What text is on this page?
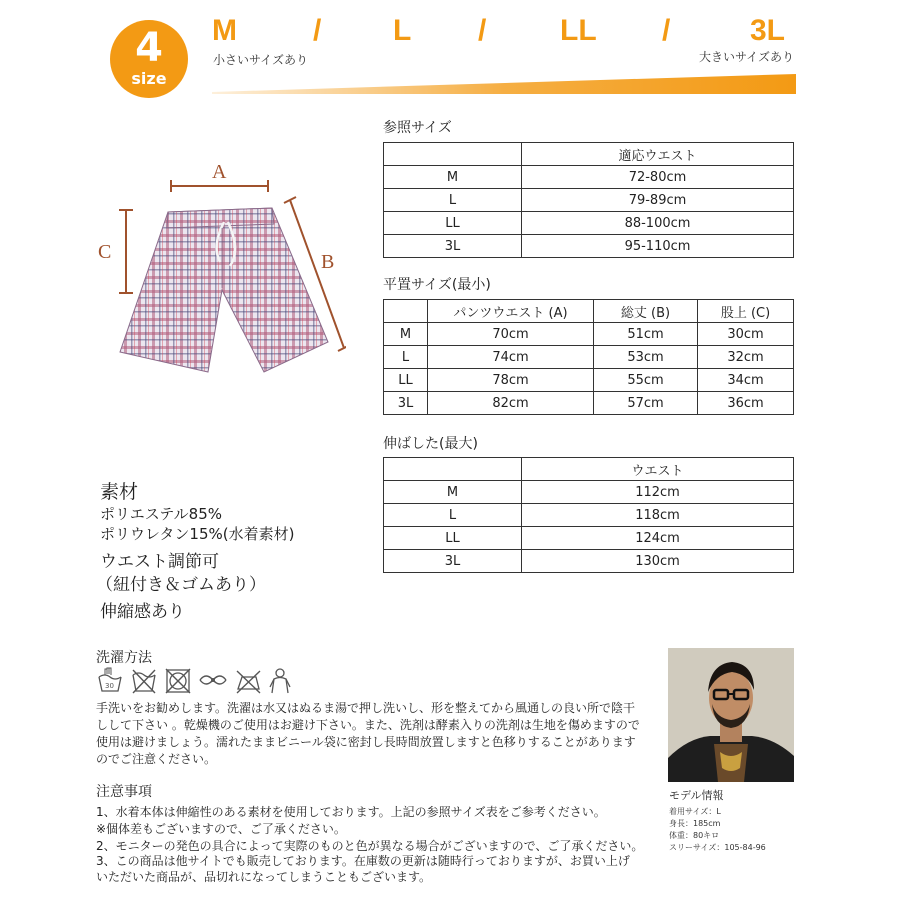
4
size
M	/ L / LL /	3L
小さいサイズあり	大きいサイズあり
A
C	B
参照サイズ
	適応ウエスト
M	72-80cm
L	79-89cm
LL	88-100cm
3L	95-110cm
平置サイズ(最小)
	パンツウエスト (A)	総丈 (B)	股上 (C)
M	70cm	51cm	30cm
L	74cm	53cm	32cm
LL	78cm	55cm	34cm
3L	82cm	57cm	36cm
伸ばした(最大)
	ウエスト
M	112cm
L	118cm
LL	124cm
3L	130cm
素材
ポリエステル85%
ポリウレタン15%(水着素材)
ウエスト調節可
（紐付き＆ゴムあり）
伸縮感あり
洗濯方法
30
手洗いをお勧めします。洗濯は水又はぬるま湯で押し洗いし、形を整えてから風通しの良い所で陰干しして下さい 。乾燥機のご使用はお避け下さい。また、洗剤は酵素入りの洗剤は生地を傷めますので使用は避けましょう。濡れたままビニール袋に密封し長時間放置しますと色移りすることがありますのでご注意ください。
注意事項
1、水着本体は伸縮性のある素材を使用しております。上記の参照サイズ表をご参考ください。
※個体差もございますので、ご了承ください。
2、モニターの発色の具合によって実際のものと色が異なる場合がございますので、ご了承ください。
3、この商品は他サイトでも販売しております。在庫数の更新は随時行っておりますが、お買い上げいただいた商品が、品切れになってしまうこともございます。
モデル情報
着用サイズ：L
身長：185cm
体重：80キロ
スリーサイズ：105-84-96
